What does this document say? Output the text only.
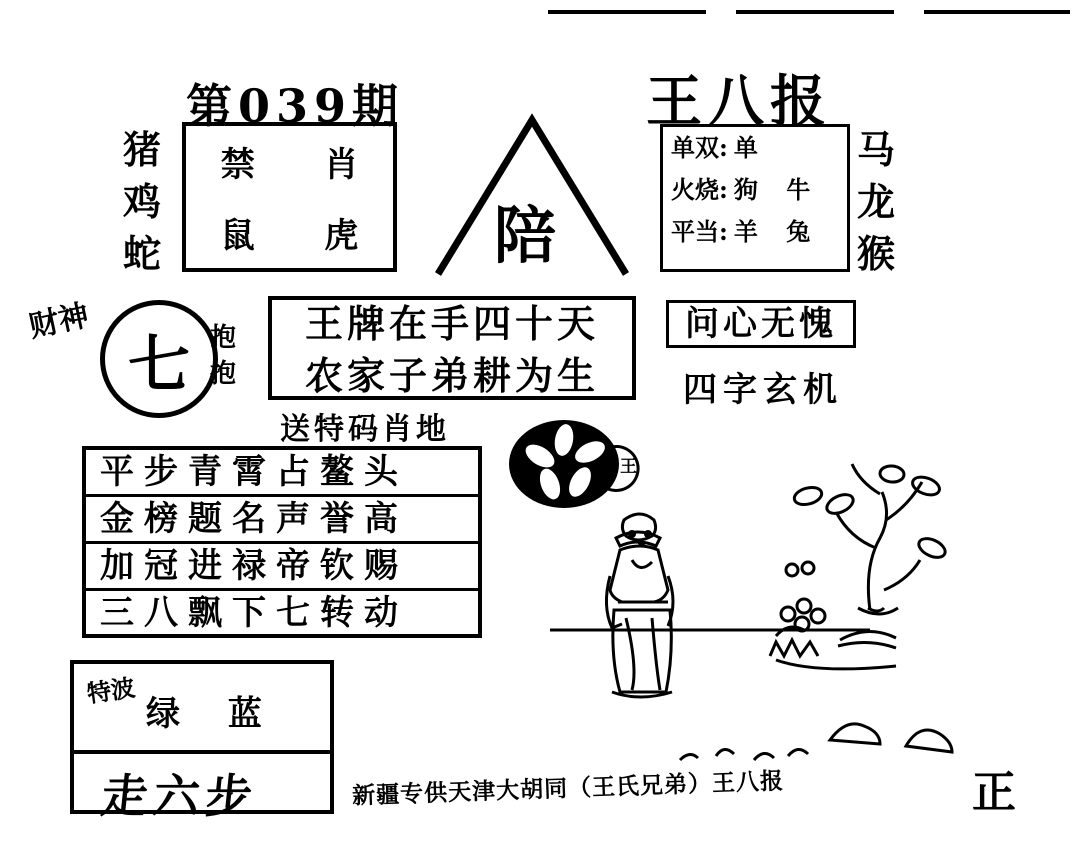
第039期	王八报
猪
鸡
蛇
禁 肖
鼠 虎 陪
单双: 单
火烧: 狗 牛
平当: 羊 兔
马
龙
猴
财神
七 抱
抱
王牌在手四十天
农家子弟耕为生
送特码肖地
问心无愧
四字玄机
平步青霄占鳌头
金榜题名声誉高
加冠进禄帝钦赐
三八飘下七转动
王
特波
绿 蓝
走六步	新疆专供天津大胡同（王氏兄弟）王八报	正
